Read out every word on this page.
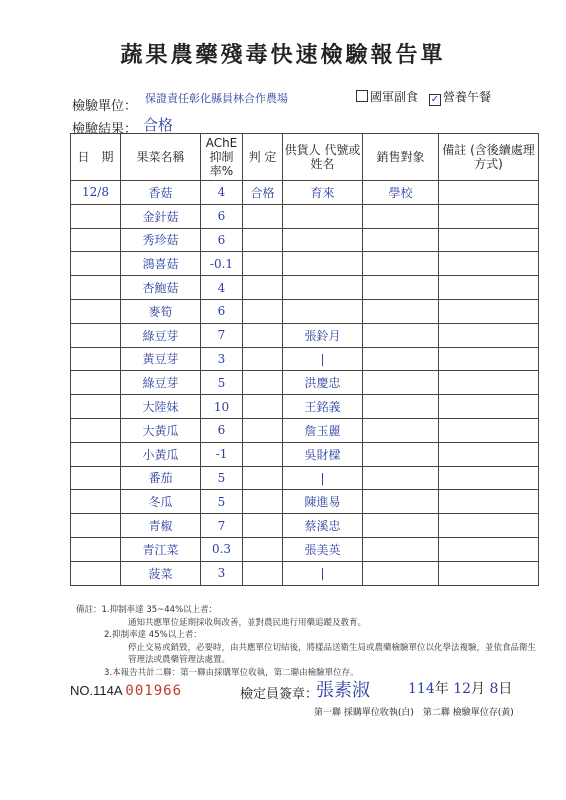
蔬果農藥殘毒快速檢驗報告單
檢驗單位：
保證責任彰化縣員林合作農場	國軍副食 ✓ 營養午餐
檢驗結果： 合格
日　期	果菜名稱	AChE 抑制率%	判 定	供貨人 代號或姓名	銷售對象	備註 (含後續處理方式)
12/8	香菇	4	合格	育來	學校	
	金針菇	6				
	秀珍菇	6				
	鴻喜菇	-0.1				
	杏鮑菇	4				
	麥筍	6				
	綠豆芽	7		張鈴月		
	黃豆芽	3		|		
	綠豆芽	5		洪慶忠		
	大陸妹	10		王銘義		
	大黃瓜	6		詹玉麗		
	小黃瓜	-1		吳財樑		
	番茄	5		|		
	冬瓜	5		陳進易		
	青椒	7		蔡溪忠		
	青江菜	0.3		張美英		
	菠菜	3		|		
備註：1.抑制率達 35~44%以上者：
通知共應單位延期採收與改善，並對農民進行用藥追蹤及教育。
2.抑制率達 45%以上者：
停止交易或銷毀，必要時，由共應單位切結後，將樣品送衛生局或農藥檢驗單位以化學法複驗，並依食品衛生
管理法或農藥管理法處置。
3.本報告共計二聯：第一聯由採購單位收執，第二聯由檢驗單位存。
NO.114A 001966	檢定員簽章：
張素淑	114年 12月 8日
第一聯 採購單位收執(白)　第二聯 檢驗單位存(黃)
